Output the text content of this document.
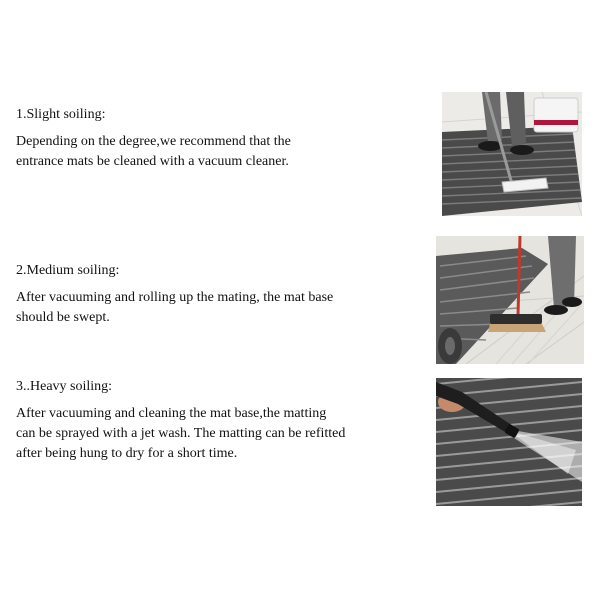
1.Slight soiling:

Depending on the degree,we recommend that the

entrance mats be cleaned with a vacuum cleaner.

2.Medium soiling:

After vacuuming and rolling up the mating, the mat base

should be swept.

3..Heavy soiling:

After vacuuming and cleaning the mat base,the matting

can be sprayed with a jet wash. The matting can be refitted

after being hung to dry for a short time.
